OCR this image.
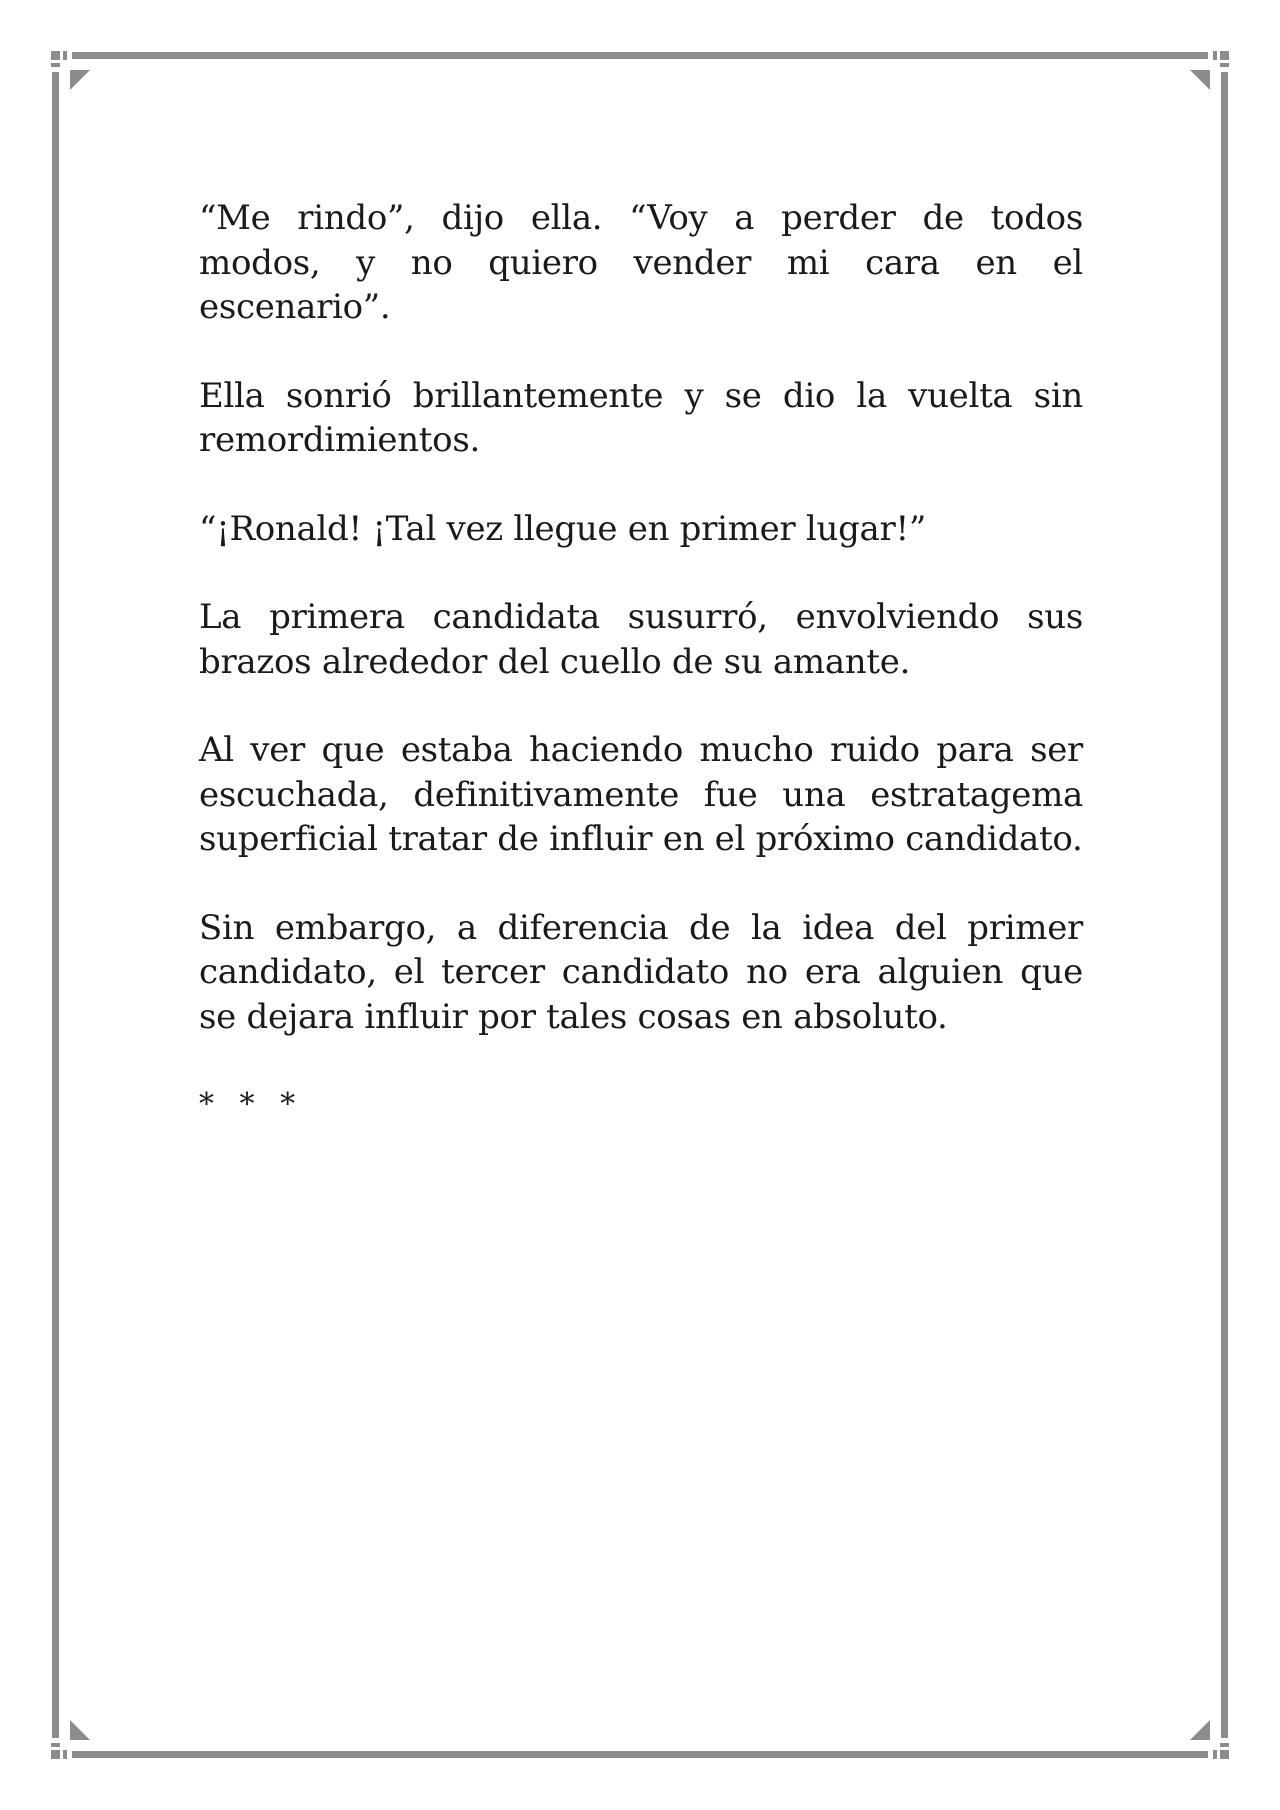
“Me rindo”, dijo ella. “Voy a perder de todos modos, y no quiero vender mi cara en el escenario”.

Ella sonrió brillantemente y se dio la vuelta sin remordimientos.

“¡Ronald! ¡Tal vez llegue en primer lugar!”

La primera candidata susurró, envolviendo sus brazos alrededor del cuello de su amante.

Al ver que estaba haciendo mucho ruido para ser escuchada, definitivamente fue una estratagema superficial tratar de influir en el próximo candidato.

Sin embargo, a diferencia de la idea del primer candidato, el tercer candidato no era alguien que se dejara influir por tales cosas en absoluto.

* * *
